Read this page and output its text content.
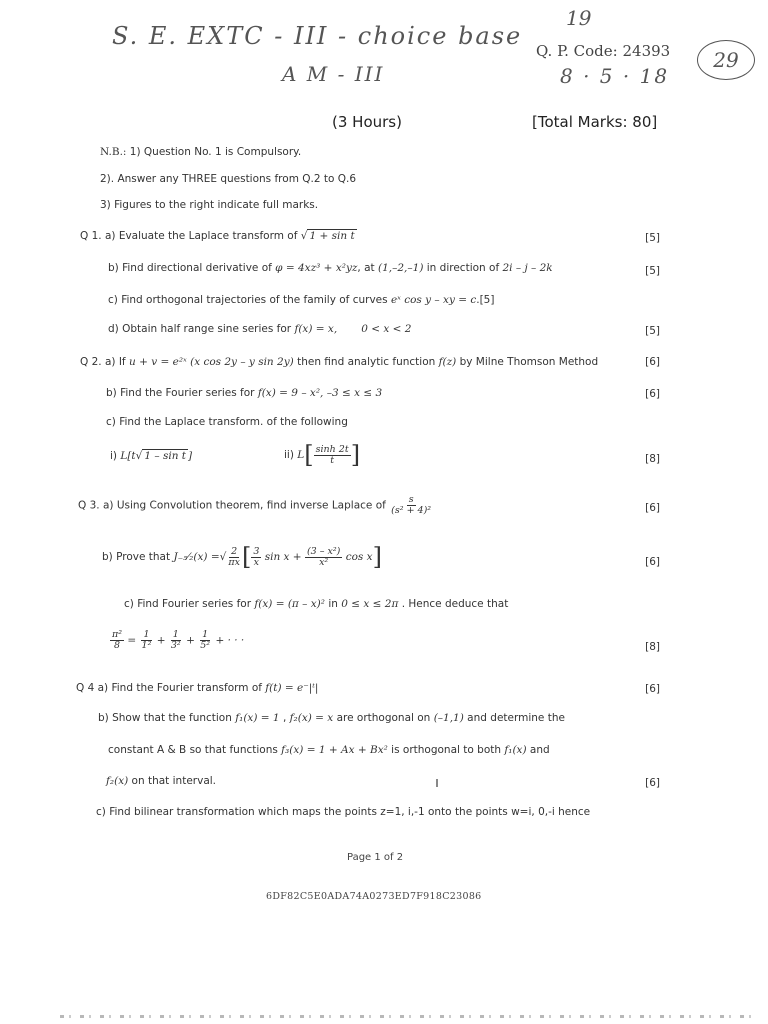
S. E. EXTC - III - choice base
A M - III
19
8 · 5 · 18
29
Q. P. Code: 24393
(3 Hours)	[Total Marks: 80]
N.B.: 1) Question No. 1 is Compulsory.
2). Answer any THREE questions from Q.2 to Q.6
3) Figures to the right indicate full marks.
Q 1. a) Evaluate the Laplace transform of √ 1 + sin t	[5]
b) Find directional derivative of φ = 4xz³ + x²yz, at (1,–2,–1) in direction of 2i – j – 2k	[5]
c) Find orthogonal trajectories of the family of curves eˣ cos y – xy = c.[5]
d) Obtain half range sine series for f(x) = x, 0 < x < 2	[5]
Q 2. a) If u + v = e²ˣ (x cos 2y – y sin 2y) then find analytic function f(z) by Milne Thomson Method	[6]
b) Find the Fourier series for f(x) = 9 – x², –3 ≤ x ≤ 3	[6]
c) Find the Laplace transform. of the following
i) L[t√ 1 – sin t ]	ii) $L[ \frac{\sinh 2t}{t}$ ]	[8]
Q 3. a) Using Convolution theorem, find inverse Laplace of $\frac{s}{\text{(s² + 4)²}}$	[6]
b) Prove that J₋₅⁄₂(x) =√ $\frac{2}{\pi x}$ [ $\frac{3}{x}$ $\sin x + \frac{\text{(3 – x²)}}{\text{x²}}$ cos x]	[6]
c) Find Fourier series for f(x) = (π – x)² in 0 ≤ x ≤ 2π . Hence deduce that
$\frac{\text{π²}}{8} = \frac{1}{\text{1²}} + \frac{1}{\text{3²}} + \frac{1}{\text{5²}}$ + · · ·
[8]
Q 4 a) Find the Fourier transform of f(t) = e⁻|ᵗ|	[6]
b) Show that the function f₁(x) = 1 , f₂(x) = x are orthogonal on (–1,1) and determine the
constant A & B so that functions f₃(x) = 1 + Ax + Bx² is orthogonal to both f₁(x) and
f₂(x) on that interval.	[6]
c) Find bilinear transformation which maps the points z=1, i,-1 onto the points w=i, 0,-i hence
Page 1 of 2
6DF82C5E0ADA74A0273ED7F918C23086
